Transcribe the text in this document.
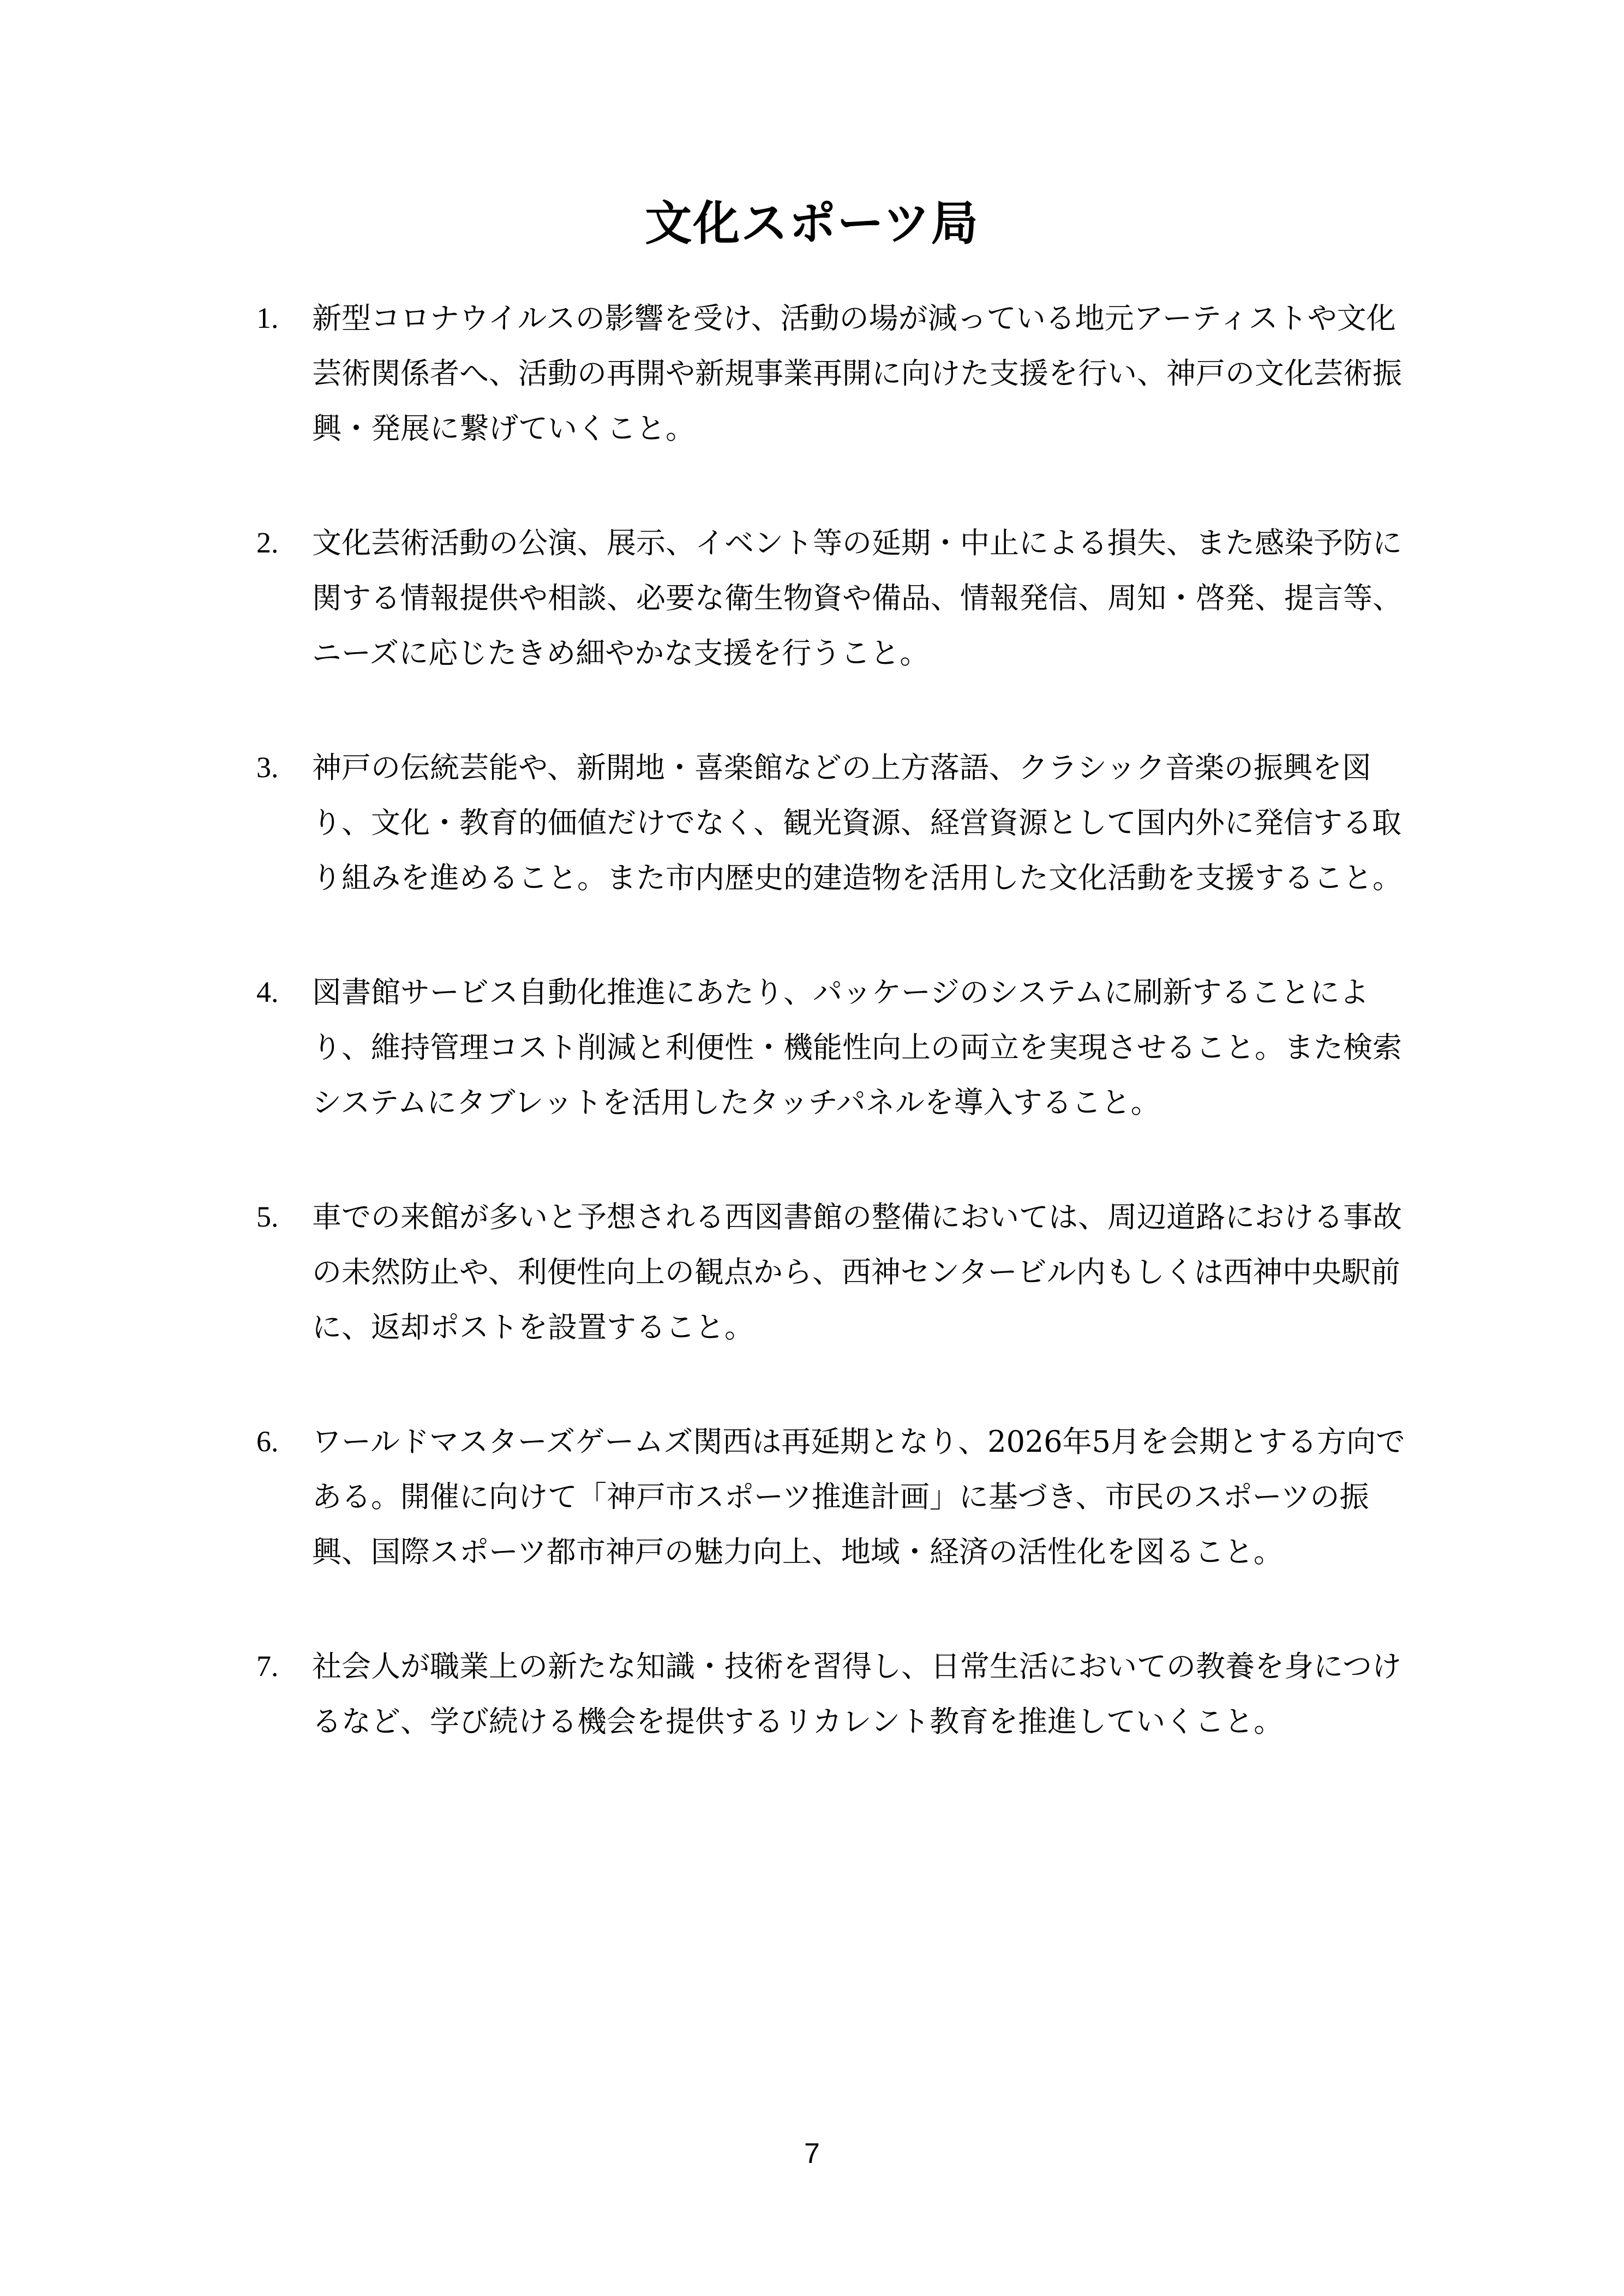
文化スポーツ局
1.	新型コロナウイルスの影響を受け、活動の場が減っている地元アーティストや文化芸術関係者へ、活動の再開や新規事業再開に向けた支援を行い、神戸の文化芸術振興・発展に繋げていくこと。
2.	文化芸術活動の公演、展示、イベント等の延期・中止による損失、また感染予防に関する情報提供や相談、必要な衛生物資や備品、情報発信、周知・啓発、提言等、ニーズに応じたきめ細やかな支援を行うこと。
3.	神戸の伝統芸能や、新開地・喜楽館などの上方落語、クラシック音楽の振興を図り、文化・教育的価値だけでなく、観光資源、経営資源として国内外に発信する取り組みを進めること。また市内歴史的建造物を活用した文化活動を支援すること。
4.	図書館サービス自動化推進にあたり、パッケージのシステムに刷新することにより、維持管理コスト削減と利便性・機能性向上の両立を実現させること。また検索システムにタブレットを活用したタッチパネルを導入すること。
5.	車での来館が多いと予想される西図書館の整備においては、周辺道路における事故の未然防止や、利便性向上の観点から、西神センタービル内もしくは西神中央駅前に、返却ポストを設置すること。
6.	ワールドマスターズゲームズ関西は再延期となり、2026年5月を会期とする方向である。開催に向けて「神戸市スポーツ推進計画」に基づき、市民のスポーツの振興、国際スポーツ都市神戸の魅力向上、地域・経済の活性化を図ること。
7.	社会人が職業上の新たな知識・技術を習得し、日常生活においての教養を身につけるなど、学び続ける機会を提供するリカレント教育を推進していくこと。
7
